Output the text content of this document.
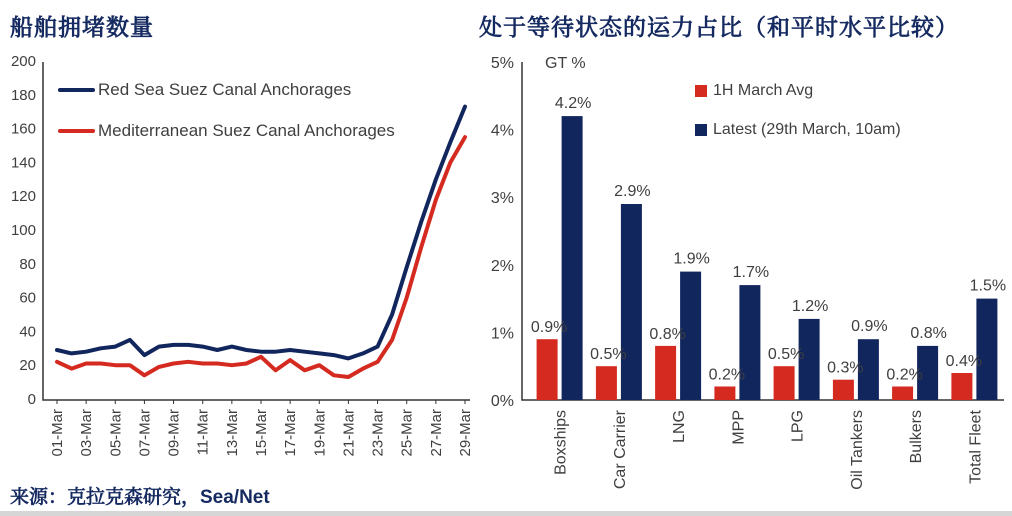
0
20
40
60
80
100
120
140
160
180
200
01-Mar 03-Mar 05-Mar 07-Mar 09-Mar 11-Mar 13-Mar 15-Mar 17-Mar 19-Mar 21-Mar 23-Mar 25-Mar 27-Mar 29-Mar
0%
1%
2%
3%
4%
5% GT %
0.9%
4.2%
Boxships
0.5%
2.9%
Car Carrier
0.8%
1.9%
LNG
0.2%
1.7%
MPP
0.5%
1.2%
LPG
0.3%
0.9%
Oil Tankers
0.2%
0.8%
Bulkers
0.4%
1.5%
Total Fleet
船舶拥堵数量	处于等待状态的运力占比（和平时水平比较）
Red Sea Suez Canal Anchorages
Mediterranean Suez Canal Anchorages
1H March Avg
Latest (29th March, 10am)
来源：克拉克森研究，Sea/Net
